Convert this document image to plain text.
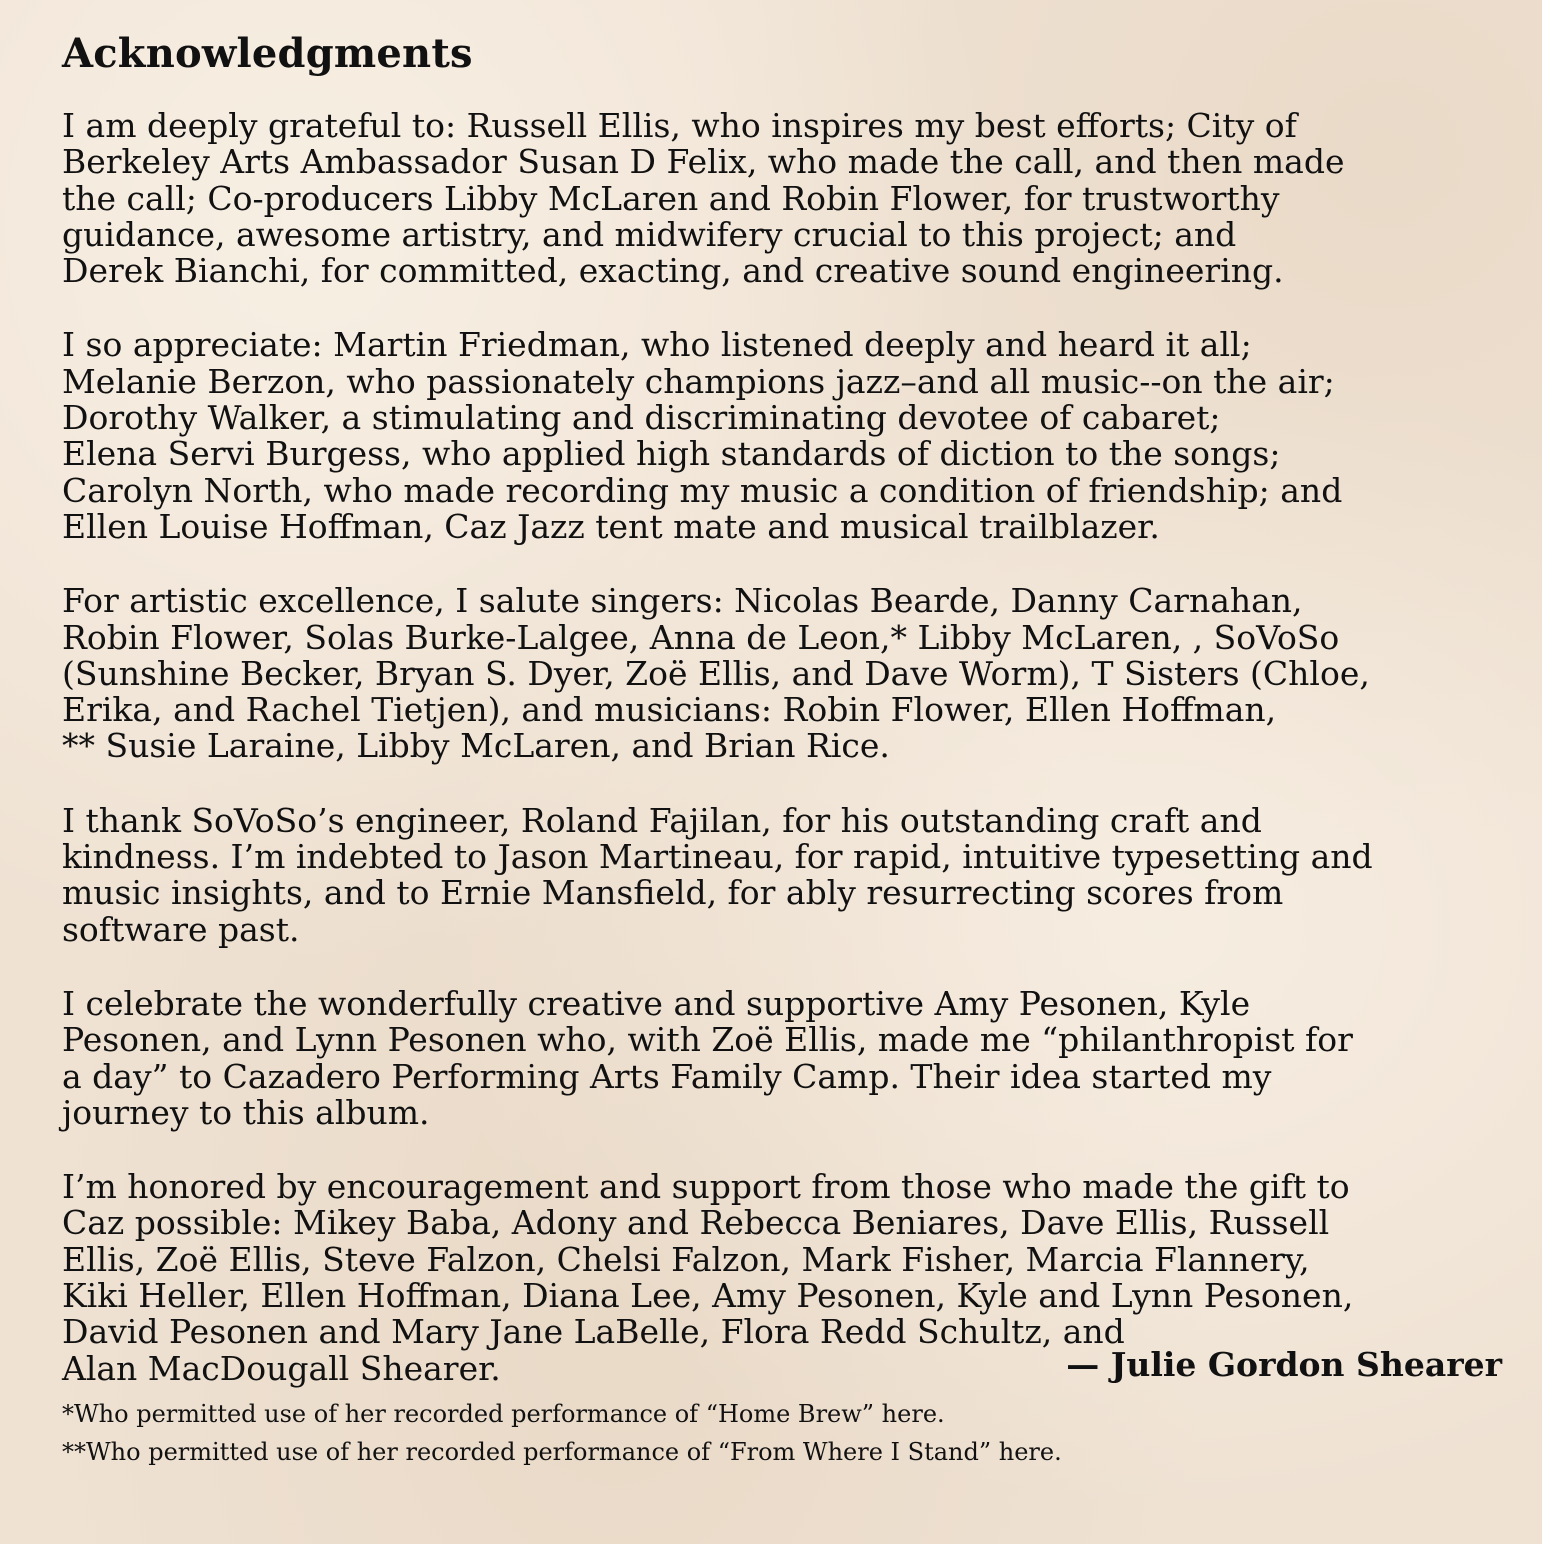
Acknowledgments

I am deeply grateful to: Russell Ellis, who inspires my best efforts; City of
Berkeley Arts Ambassador Susan D Felix, who made the call, and then made
the call; Co-producers Libby McLaren and Robin Flower, for trustworthy
guidance, awesome artistry, and midwifery crucial to this project; and
Derek Bianchi, for committed, exacting, and creative sound engineering.

I so appreciate: Martin Friedman, who listened deeply and heard it all;
Melanie Berzon, who passionately champions jazz–and all music--on the air;
Dorothy Walker, a stimulating and discriminating devotee of cabaret;
Elena Servi Burgess, who applied high standards of diction to the songs;
Carolyn North, who made recording my music a condition of friendship; and
Ellen Louise Hoffman, Caz Jazz tent mate and musical trailblazer.

For artistic excellence, I salute singers: Nicolas Bearde, Danny Carnahan,
Robin Flower, Solas Burke-Lalgee, Anna de Leon,* Libby McLaren, , SoVoSo
(Sunshine Becker, Bryan S. Dyer, Zoë Ellis, and Dave Worm), T Sisters (Chloe,
Erika, and Rachel Tietjen), and musicians: Robin Flower, Ellen Hoffman,
** Susie Laraine, Libby McLaren, and Brian Rice.

I thank SoVoSo’s engineer, Roland Fajilan, for his outstanding craft and
kindness. I’m indebted to Jason Martineau, for rapid, intuitive typesetting and
music insights, and to Ernie Mansfield, for ably resurrecting scores from
software past.

I celebrate the wonderfully creative and supportive Amy Pesonen, Kyle
Pesonen, and Lynn Pesonen who, with Zoë Ellis, made me “philanthropist for
a day” to Cazadero Performing Arts Family Camp. Their idea started my
journey to this album.

I’m honored by encouragement and support from those who made the gift to
Caz possible: Mikey Baba, Adony and Rebecca Beniares, Dave Ellis, Russell
Ellis, Zoë Ellis, Steve Falzon, Chelsi Falzon, Mark Fisher, Marcia Flannery,
Kiki Heller, Ellen Hoffman, Diana Lee, Amy Pesonen, Kyle and Lynn Pesonen,
David Pesonen and Mary Jane LaBelle, Flora Redd Schultz, and
Alan MacDougall Shearer.	— Julie Gordon Shearer

*Who permitted use of her recorded performance of “Home Brew” here.

**Who permitted use of her recorded performance of “From Where I Stand” here.
